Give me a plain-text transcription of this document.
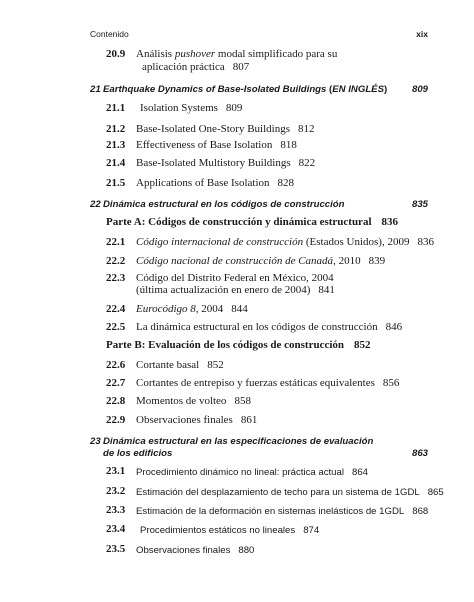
Contenido	xix
20.9 Análisis pushover modal simplificado para su
aplicación práctica 807
21 Earthquake Dynamics of Base-Isolated Buildings (EN INGLÉS)	809
21.1 Isolation Systems 809
21.2 Base-Isolated One-Story Buildings 812
21.3 Effectiveness of Base Isolation 818
21.4 Base-Isolated Multistory Buildings 822
21.5 Applications of Base Isolation 828
22 Dinámica estructural en los códigos de construcción	835
Parte A: Códigos de construcción y dinámica estructural 836
22.1 Código internacional de construcción (Estados Unidos), 2009 836
22.2 Código nacional de construcción de Canadá, 2010 839
22.3 Código del Distrito Federal en México, 2004
(última actualización en enero de 2004) 841
22.4 Eurocódigo 8, 2004 844
22.5 La dinámica estructural en los códigos de construcción 846
Parte B: Evaluación de los códigos de construcción 852
22.6 Cortante basal 852
22.7 Cortantes de entrepiso y fuerzas estáticas equivalentes 856
22.8 Momentos de volteo 858
22.9 Observaciones finales 861
23 Dinámica estructural en las especificaciones de evaluación
de los edificios	863
23.1 Procedimiento dinámico no lineal: práctica actual 864
23.2 Estimación del desplazamiento de techo para un sistema de 1GDL 865
23.3 Estimación de la deformación en sistemas inelásticos de 1GDL 868
23.4 Procedimientos estáticos no lineales 874
23.5 Observaciones finales 880
